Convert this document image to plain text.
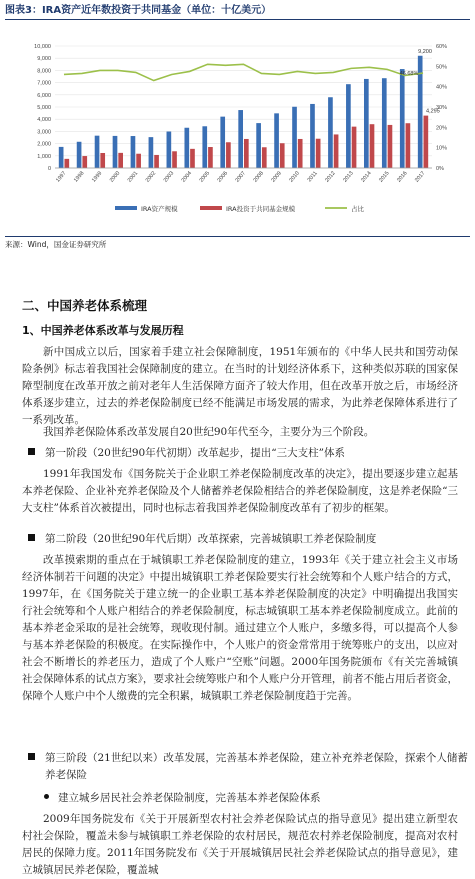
图表3：IRA资产近年数投资于共同基金（单位：十亿美元）
0
1,000
2,000
3,000
4,000
5,000
6,000
7,000
8,000
9,000
10,000
0%
10%
20%
30%
40%
50%
60%
1997 1998 1999 2000 2001 2002 2003 2004 2005 2006 2007 2008 2009 2010 2011 2012 2013 2014 2015 2016 2017
9,200
4,295
46.68%
IRA资产规模	IRA投资于共同基金规模	占比
来源：Wind，国金证券研究所
二、中国养老体系梳理
1、中国养老体系改革与发展历程

新中国成立以后，国家着手建立社会保障制度，1951年颁布的《中华人民共和国劳动保险条例》标志着我国社会保障制度的建立。在当时的计划经济体系下，这种类似苏联的国家保障型制度在改革开放之前对老年人生活保障方面齐了较大作用，但在改革开放之后，市场经济体系逐步建立，过去的养老保险制度已经不能满足市场发展的需求，为此养老保障体系进行了一系列改革。

我国养老保险体系改革发展自20世纪90年代至今，主要分为三个阶段。

第一阶段（20世纪90年代初期）改革起步，提出“三大支柱”体系

1991年我国发布《国务院关于企业职工养老保险制度改革的决定》，提出要逐步建立起基本养老保险、企业补充养老保险及个人储蓄养老保险相结合的养老保险制度，这是养老保险“三大支柱”体系首次被提出，同时也标志着我国养老保险制度改革有了初步的框架。

第二阶段（20世纪90年代后期）改革探索，完善城镇职工养老保险制度

改革摸索期的重点在于城镇职工养老保险制度的建立，1993年《关于建立社会主义市场经济体制若干问题的决定》中提出城镇职工养老保险要实行社会统筹和个人账户结合的方式，1997年，在《国务院关于建立统一的企业职工基本养老保险制度的决定》中明确提出我国实行社会统筹和个人账户相结合的养老保险制度，标志城镇职工基本养老保险制度成立。此前的基本养老金采取的是社会统筹，现收现付制。通过建立个人账户，多缴多得，可以提高个人参与基本养老保险的积极度。在实际操作中，个人账户的资金常常用于统筹账户的支出，以应对社会不断增长的养老压力，造成了个人账户“空账”问题。2000年国务院颁布《有关完善城镇社会保障体系的试点方案》，要求社会统筹账户和个人账户分开管理，前者不能占用后者资金，保障个人账户中个人缴费的完全积累，城镇职工养老保险制度趋于完善。

第三阶段（21世纪以来）改革发展，完善基本养老保险，建立补充养老保险，探索个人储蓄养老保险
建立城乡居民社会养老保险制度，完善基本养老保险体系

2009年国务院发布《关于开展新型农村社会养老保险试点的指导意见》提出建立新型农村社会保险，覆盖未参与城镇职工养老保险的农村居民，规范农村养老保险制度，提高对农村居民的保障力度。2011年国务院发布《关于开展城镇居民社会养老保险试点的指导意见》，建立城镇居民养老保险，覆盖城
